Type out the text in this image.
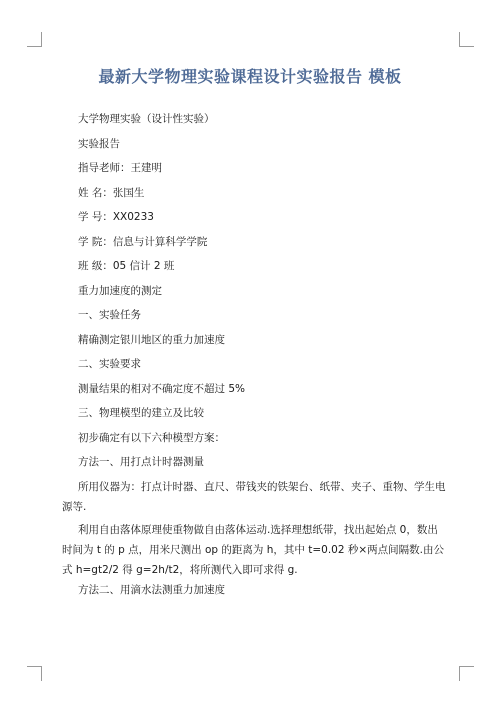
最新大学物理实验课程设计实验报告 模板
大学物理实验（设计性实验）
实验报告
指导老师：王建明
姓 名：张国生
学 号：XX0233
学 院：信息与计算科学学院
班 级：05 信计 2 班
重力加速度的测定
一、实验任务
精确测定银川地区的重力加速度
二、实验要求
测量结果的相对不确定度不超过 5%
三、物理模型的建立及比较
初步确定有以下六种模型方案：
方法一、用打点计时器测量
所用仪器为：打点计时器、直尺、带钱夹的铁架台、纸带、夹子、重物、学生电源等.
利用自由落体原理使重物做自由落体运动.选择理想纸带，找出起始点 0，数出时间为 t 的 p 点，用米尺测出 op 的距离为 h，其中 t=0.02 秒×两点间隔数.由公式 h=gt2/2 得 g=2h/t2，将所测代入即可求得 g.
方法二、用滴水法测重力加速度
